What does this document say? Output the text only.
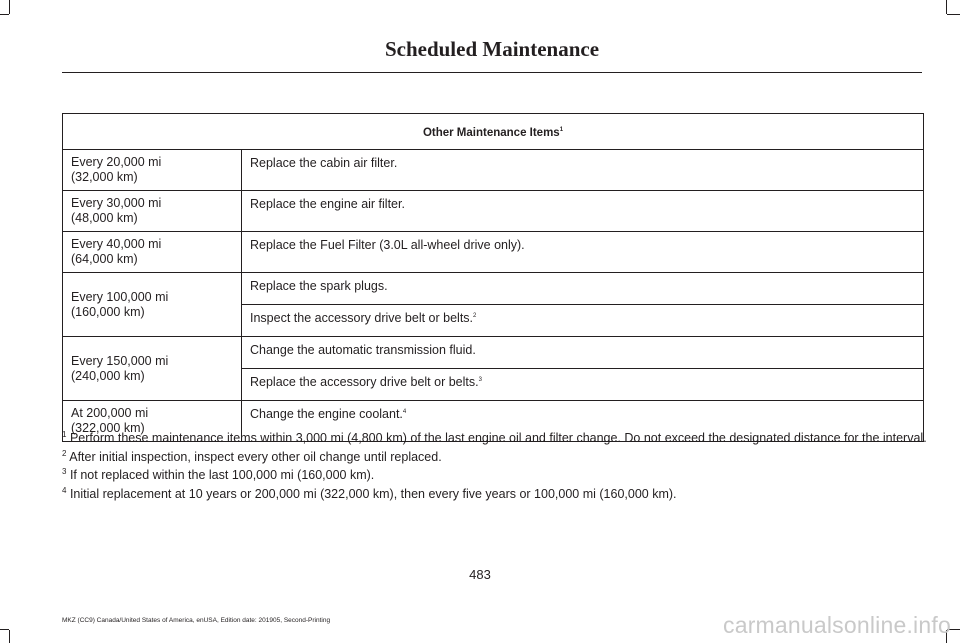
Scheduled Maintenance
Other Maintenance Items$^1$
Every 20,000 mi
(32,000 km)	Replace the cabin air filter.
Every 30,000 mi
(48,000 km)	Replace the engine air filter.
Every 40,000 mi
(64,000 km)	Replace the Fuel Filter (3.0L all-wheel drive only).
Every 100,000 mi
(160,000 km)	Replace the spark plugs.
	Inspect the accessory drive belt or belts.$^2$
Every 150,000 mi
(240,000 km)	Change the automatic transmission fluid.
	Replace the accessory drive belt or belts.$^3$
At 200,000 mi
(322,000 km)	Change the engine coolant.$^4$

$^1$ Perform these maintenance items within 3,000 mi (4,800 km) of the last engine oil and filter change. Do not exceed the designated distance for the interval.

$^2$ After initial inspection, inspect every other oil change until replaced.

$^3$ If not replaced within the last 100,000 mi (160,000 km).

$^4$ Initial replacement at 10 years or 200,000 mi (322,000 km), then every five years or 100,000 mi (160,000 km).

483
MKZ (CC9) Canada/United States of America, enUSA, Edition date: 201905, Second-Printing	carmanualsonline.info
